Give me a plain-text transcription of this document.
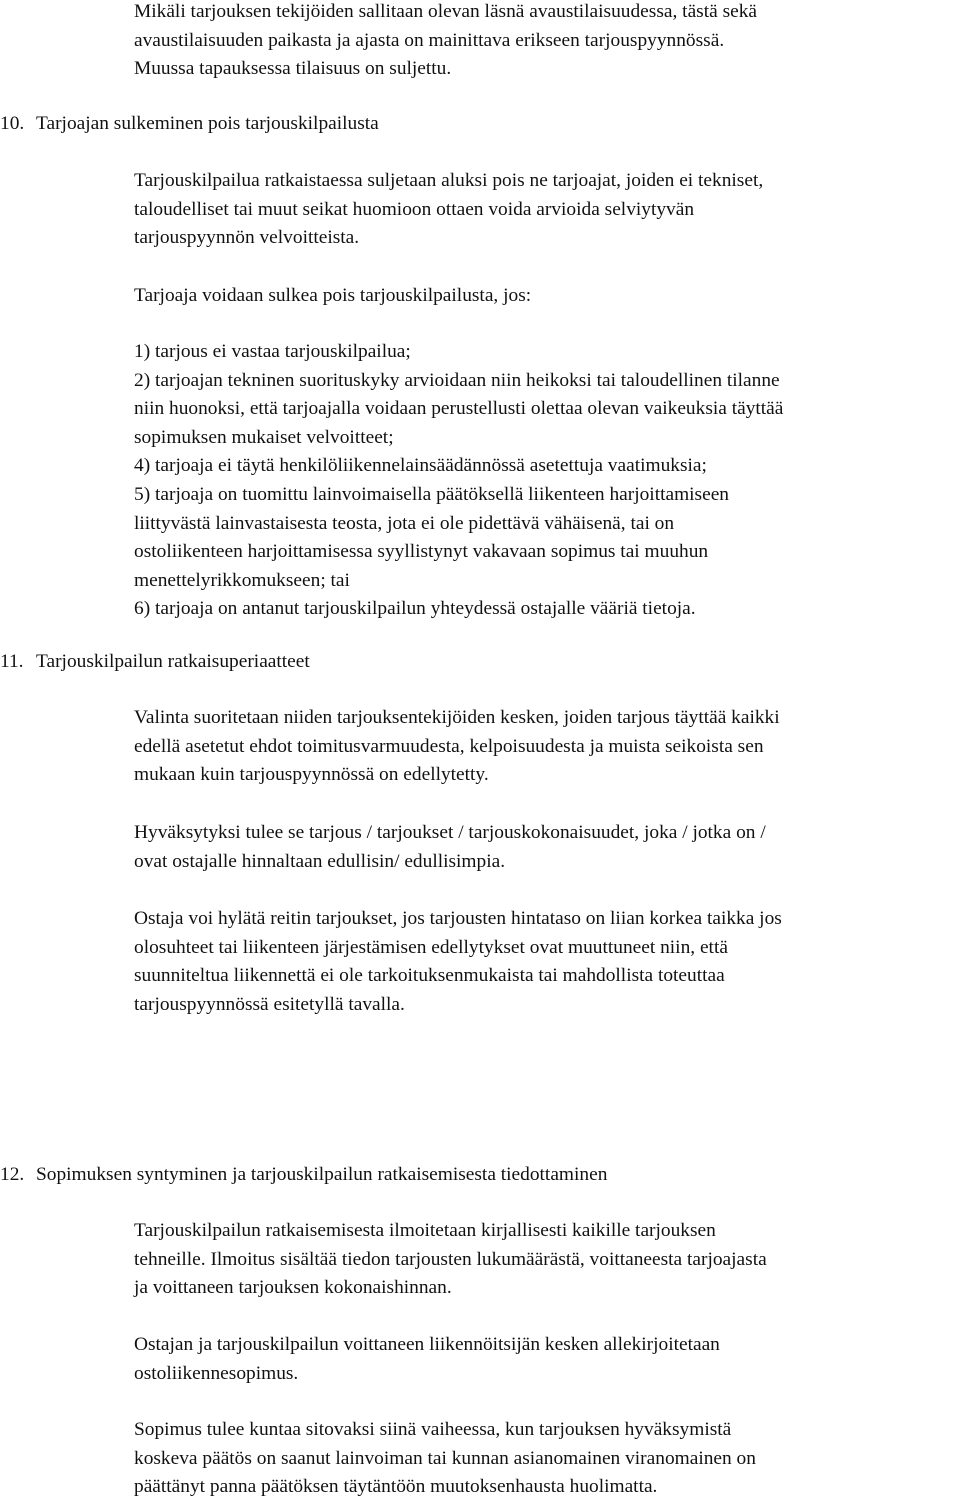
Mikäli tarjouksen tekijöiden sallitaan olevan läsnä avaustilaisuudessa, tästä sekä
avaustilaisuuden paikasta ja ajasta on mainittava erikseen tarjouspyynnössä.
Muussa tapauksessa tilaisuus on suljettu.
10. Tarjoajan sulkeminen pois tarjouskilpailusta
Tarjouskilpailua ratkaistaessa suljetaan aluksi pois ne tarjoajat, joiden ei tekniset,
taloudelliset tai muut seikat huomioon ottaen voida arvioida selviytyvän
tarjouspyynnön velvoitteista.
Tarjoaja voidaan sulkea pois tarjouskilpailusta, jos:
1) tarjous ei vastaa tarjouskilpailua;
2) tarjoajan tekninen suorituskyky arvioidaan niin heikoksi tai taloudellinen tilanne
niin huonoksi, että tarjoajalla voidaan perustellusti olettaa olevan vaikeuksia täyttää
sopimuksen mukaiset velvoitteet;
4) tarjoaja ei täytä henkilöliikennelainsäädännössä asetettuja vaatimuksia;
5) tarjoaja on tuomittu lainvoimaisella päätöksellä liikenteen harjoittamiseen
liittyvästä lainvastaisesta teosta, jota ei ole pidettävä vähäisenä, tai on
ostoliikenteen harjoittamisessa syyllistynyt vakavaan sopimus tai muuhun
menettelyrikkomukseen; tai
6) tarjoaja on antanut tarjouskilpailun yhteydessä ostajalle vääriä tietoja.
11. Tarjouskilpailun ratkaisuperiaatteet
Valinta suoritetaan niiden tarjouksentekijöiden kesken, joiden tarjous täyttää kaikki
edellä asetetut ehdot toimitusvarmuudesta, kelpoisuudesta ja muista seikoista sen
mukaan kuin tarjouspyynnössä on edellytetty.
Hyväksytyksi tulee se tarjous / tarjoukset / tarjouskokonaisuudet, joka / jotka on /
ovat ostajalle hinnaltaan edullisin/ edullisimpia.
Ostaja voi hylätä reitin tarjoukset, jos tarjousten hintataso on liian korkea taikka jos
olosuhteet tai liikenteen järjestämisen edellytykset ovat muuttuneet niin, että
suunniteltua liikennettä ei ole tarkoituksenmukaista tai mahdollista toteuttaa
tarjouspyynnössä esitetyllä tavalla.
12. Sopimuksen syntyminen ja tarjouskilpailun ratkaisemisesta tiedottaminen
Tarjouskilpailun ratkaisemisesta ilmoitetaan kirjallisesti kaikille tarjouksen
tehneille. Ilmoitus sisältää tiedon tarjousten lukumäärästä, voittaneesta tarjoajasta
ja voittaneen tarjouksen kokonaishinnan.
Ostajan ja tarjouskilpailun voittaneen liikennöitsijän kesken allekirjoitetaan
ostoliikennesopimus.
Sopimus tulee kuntaa sitovaksi siinä vaiheessa, kun tarjouksen hyväksymistä
koskeva päätös on saanut lainvoiman tai kunnan asianomainen viranomainen on
päättänyt panna päätöksen täytäntöön muutoksenhausta huolimatta.
